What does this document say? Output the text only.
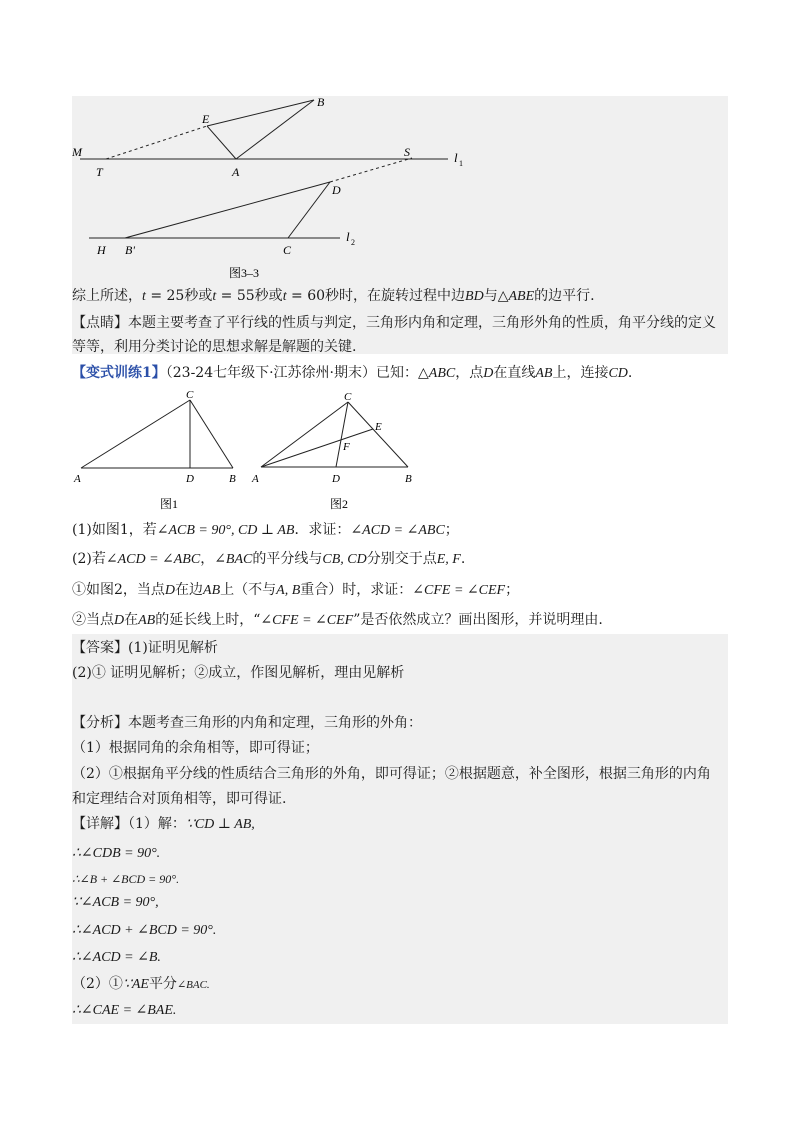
B
E
M
T	A
S	l 1
D
H B'	C
l 2
图3–3
综上所述，t = 25秒或t = 55秒或t = 60秒时，在旋转过程中边BD与△ABE的边平行.
【点睛】本题主要考查了平行线的性质与判定，三角形内角和定理，三角形外角的性质，角平分线的定义
等等，利用分类讨论的思想求解是解题的关键.
【变式训练1】（23-24七年级下·江苏徐州·期末）已知：△ABC，点D在直线AB上，连接CD.
C
A	D	B
图1
C
E
F
A	D	B
图2
(1)如图1，若∠ACB = 90°, CD ⊥ AB．求证：∠ACD = ∠ABC；
(2)若∠ACD = ∠ABC，∠BAC的平分线与CB, CD分别交于点E, F.
①如图2，当点D在边AB上（不与A, B重合）时，求证：∠CFE = ∠CEF；
②当点D在AB的延长线上时，“∠CFE = ∠CEF”是否依然成立？画出图形，并说明理由.
【答案】(1)证明见解析
(2)① 证明见解析；②成立，作图见解析，理由见解析
【分析】本题考查三角形的内角和定理，三角形的外角：
（1）根据同角的余角相等，即可得证；
（2）①根据角平分线的性质结合三角形的外角，即可得证；②根据题意，补全图形，根据三角形的内角
和定理结合对顶角相等，即可得证.
【详解】（1）解：∵CD ⊥ AB,
∴∠CDB = 90°.
∴∠B + ∠BCD = 90°.
∵∠ACB = 90°,
∴∠ACD + ∠BCD = 90°.
∴∠ACD = ∠B.
（2）①∵AE平分∠BAC.
∴∠CAE = ∠BAE.
